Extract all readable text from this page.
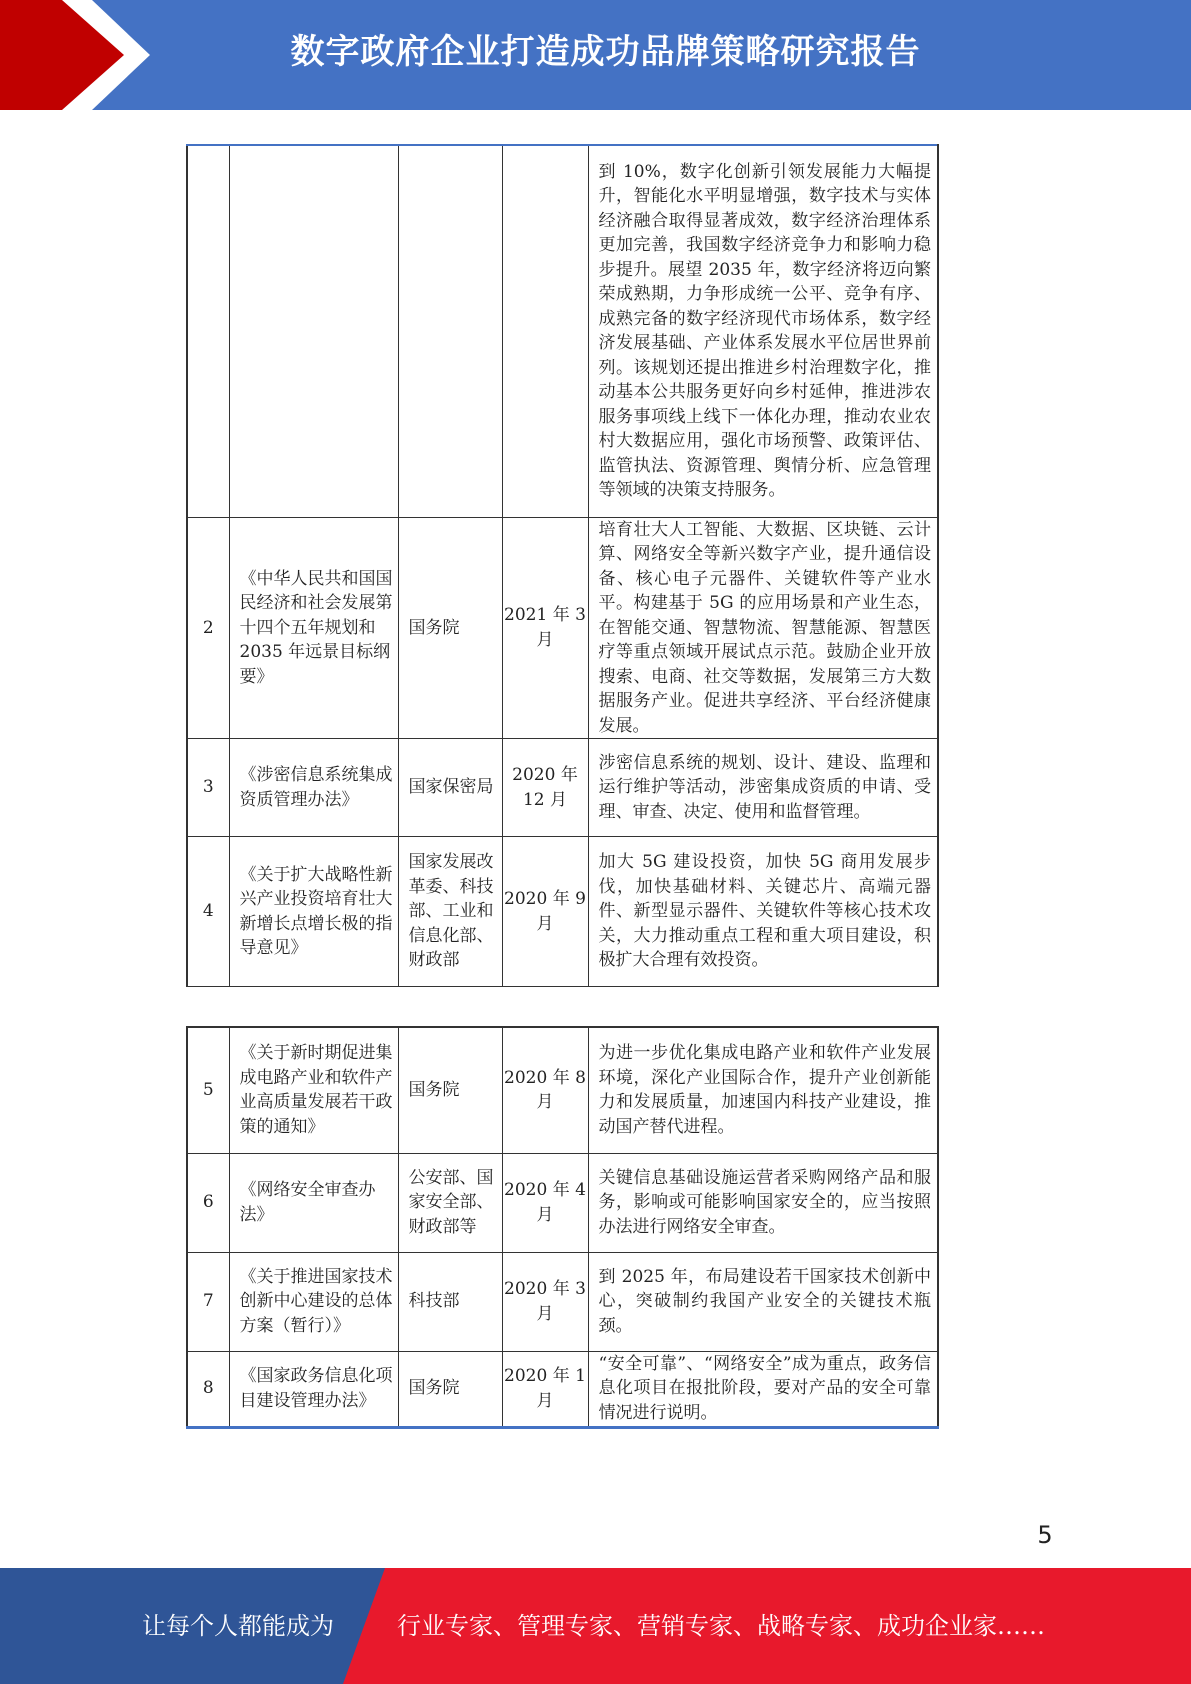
数字政府企业打造成功品牌策略研究报告
				到 10%，数字化创新引领发展能力大幅提升，智能化水平明显增强，数字技术与实体经济融合取得显著成效，数字经济治理体系更加完善，我国数字经济竞争力和影响力稳步提升。展望 2035 年，数字经济将迈向繁荣成熟期，力争形成统一公平、竞争有序、成熟完备的数字经济现代市场体系，数字经济发展基础、产业体系发展水平位居世界前列。该规划还提出推进乡村治理数字化，推动基本公共服务更好向乡村延伸，推进涉农服务事项线上线下一体化办理，推动农业农村大数据应用，强化市场预警、政策评估、监管执法、资源管理、舆情分析、应急管理等领域的决策支持服务。
2	《中华人民共和国国民经济和社会发展第十四个五年规划和 2035 年远景目标纲要》	国务院	2021 年 3 月	培育壮大人工智能、大数据、区块链、云计算、网络安全等新兴数字产业，提升通信设备、核心电子元器件、关键软件等产业水平。构建基于 5G 的应用场景和产业生态，在智能交通、智慧物流、智慧能源、智慧医疗等重点领域开展试点示范。鼓励企业开放搜索、电商、社交等数据，发展第三方大数据服务产业。促进共享经济、平台经济健康发展。
3	《涉密信息系统集成资质管理办法》	国家保密局	2020 年 12 月	涉密信息系统的规划、设计、建设、监理和运行维护等活动，涉密集成资质的申请、受理、审查、决定、使用和监督管理。
4	《关于扩大战略性新兴产业投资培育壮大新增长点增长极的指导意见》	国家发展改革委、科技部、工业和信息化部、财政部	2020 年 9 月	加大 5G 建设投资，加快 5G 商用发展步伐，加快基础材料、关键芯片、高端元器件、新型显示器件、关键软件等核心技术攻关，大力推动重点工程和重大项目建设，积极扩大合理有效投资。
5	《关于新时期促进集成电路产业和软件产业高质量发展若干政策的通知》	国务院	2020 年 8 月	为进一步优化集成电路产业和软件产业发展环境，深化产业国际合作，提升产业创新能力和发展质量，加速国内科技产业建设，推动国产替代进程。
6	《网络安全审查办法》	公安部、国家安全部、财政部等	2020 年 4 月	关键信息基础设施运营者采购网络产品和服务，影响或可能影响国家安全的，应当按照办法进行网络安全审查。
7	《关于推进国家技术创新中心建设的总体方案（暂行）》	科技部	2020 年 3 月	到 2025 年，布局建设若干国家技术创新中心，突破制约我国产业安全的关键技术瓶颈。
8	《国家政务信息化项目建设管理办法》	国务院	2020 年 1 月	“安全可靠”、“网络安全”成为重点，政务信息化项目在报批阶段，要对产品的安全可靠情况进行说明。
5
让每个人都能成为	行业专家、管理专家、营销专家、战略专家、成功企业家……
